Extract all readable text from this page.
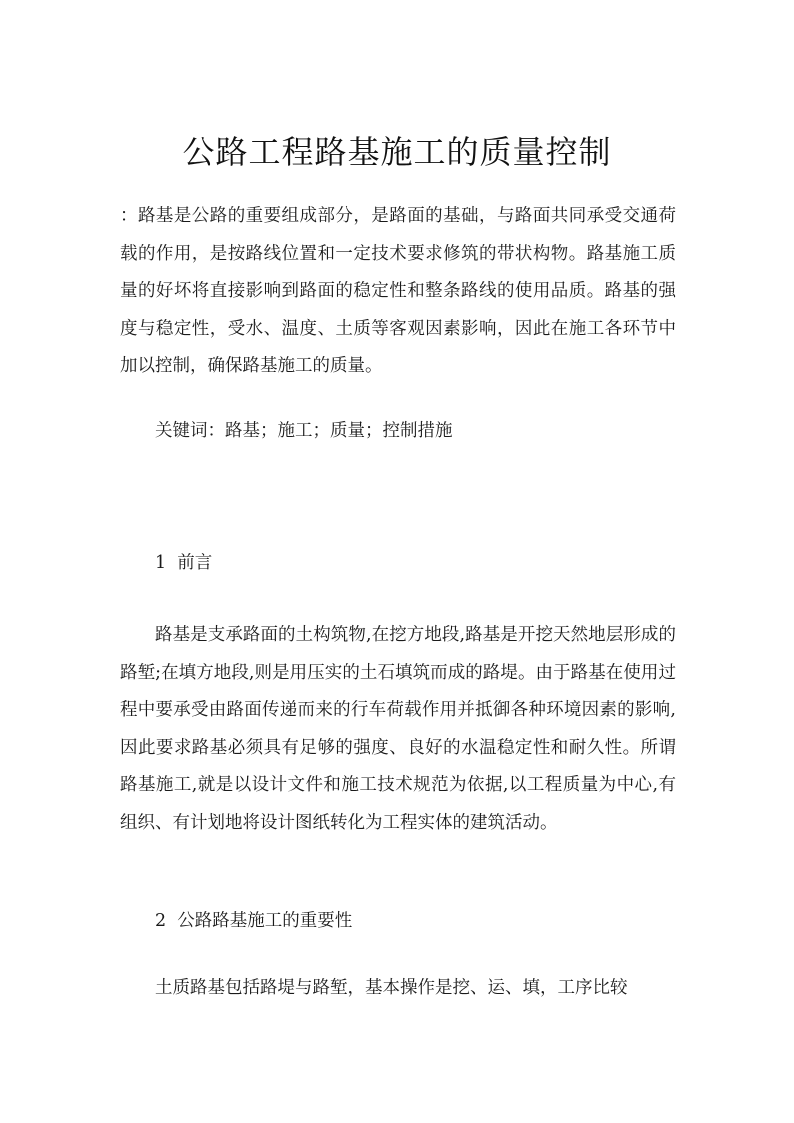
公路工程路基施工的质量控制
：路基是公路的重要组成部分，是路面的基础，与路面共同承受交通荷载的作用，是按路线位置和一定技术要求修筑的带状构物。路基施工质量的好坏将直接影响到路面的稳定性和整条路线的使用品质。路基的强度与稳定性，受水、温度、土质等客观因素影响，因此在施工各环节中加以控制，确保路基施工的质量。
关键词：路基；施工；质量；控制措施
1  前言
路基是支承路面的土构筑物,在挖方地段,路基是开挖天然地层形成的路堑;在填方地段,则是用压实的土石填筑而成的路堤。由于路基在使用过程中要承受由路面传递而来的行车荷载作用并抵御各种环境因素的影响,因此要求路基必须具有足够的强度、良好的水温稳定性和耐久性。所谓路基施工,就是以设计文件和施工技术规范为依据,以工程质量为中心,有组织、有计划地将设计图纸转化为工程实体的建筑活动。
2  公路路基施工的重要性
土质路基包括路堤与路堑，基本操作是挖、运、填，工序比较
